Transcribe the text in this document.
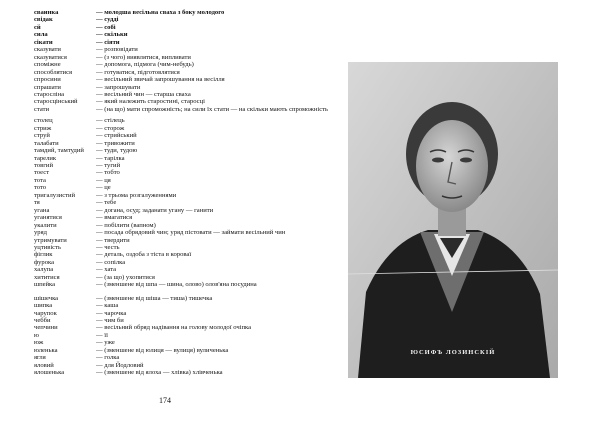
сваинка	— молодша весільна сваха з боку молодого
свідак	— судді
сй	— собі
сила	— скільки
сікати	— сіяти
сказувати	— розповідати
сказуватися	— (з чого) виявлятися, випливати
споміжне	— допомога, підмога (чим-небудь)
способлятися	— готуватися, підготовлятися
спросини	— весільний звичай запрошування на весілля
спрашати	— запрошувати
старосліна	— весільний чин — старша сваха
старосцінський	— який належить старостині, старосці
стати	— (на що) мати спроможність; на сили їх стати — на скільки мають спроможність
столец	— стілець
стриж	— сторож
струй	— стрийський
талабати	— тривожити
тамдий, тамтудий	— туди, тудою
тарелик	— тарілка
товгий	— тугий
тоест	— тобто
тота	— ця
тото	— це
тригалузистий	— з трьома розгалуженнями
тя	— тебе
угана	— догана, осуд; заданати угану — ганити
уганятися	— вмагатися
укалити	— побілити (вапном)
уряд	— посада обрядовий чин; уряд пістовати — займати весільний чин
утримувати	— твердити
уцтивість	— честь
фіглик	— деталь, оздоба з тіста в короваї
фурока	— сопілка
халупа	— хата
хититися	— (за що) ухопитися
шпейка	— (зменшене від шпа — шина, олово) олов'яна посудина
шішечка	— (зменшене від шіша — тиша) тишечка
шипка	— каша
чарупок	— чарочка
чебби	— чим би
чепчини	— весільний обряд надівання на голову молодої очіпка
ю	— її
юж	— уже
юленька	— (зменшене від юлиця — вулиця) вуличенька
ягля	— голка
яловий	— для Йодловий
ялошенька	— (зменшене від ялоха — хлівка) хлівченька
174
ЮСИФЪ ЛОЗИНСКІЙ
